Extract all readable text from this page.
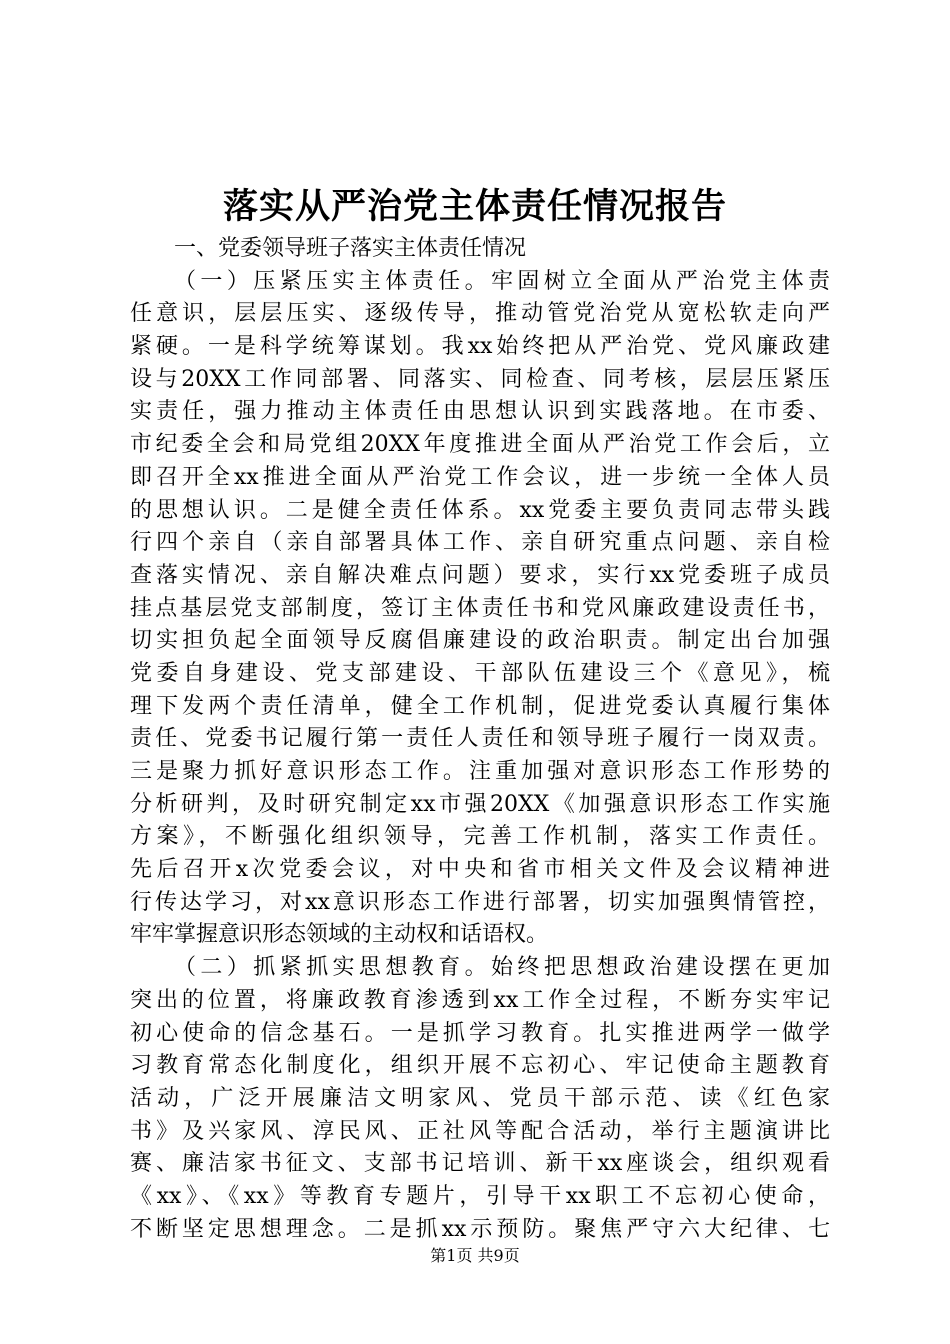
落实从严治党主体责任情况报告
一、党委领导班子落实主体责任情况
（一）压紧压实主体责任。牢固树立全面从严治党主体责
任意识，层层压实、逐级传导，推动管党治党从宽松软走向严
紧硬。一是科学统筹谋划。我xx始终把从严治党、党风廉政建
设与20XX工作同部署、同落实、同检查、同考核，层层压紧压
实责任，强力推动主体责任由思想认识到实践落地。在市委、
市纪委全会和局党组20XX年度推进全面从严治党工作会后，立
即召开全xx推进全面从严治党工作会议，进一步统一全体人员
的思想认识。二是健全责任体系。xx党委主要负责同志带头践
行四个亲自（亲自部署具体工作、亲自研究重点问题、亲自检
查落实情况、亲自解决难点问题）要求，实行xx党委班子成员
挂点基层党支部制度，签订主体责任书和党风廉政建设责任书，
切实担负起全面领导反腐倡廉建设的政治职责。制定出台加强
党委自身建设、党支部建设、干部队伍建设三个《意见》，梳
理下发两个责任清单，健全工作机制，促进党委认真履行集体
责任、党委书记履行第一责任人责任和领导班子履行一岗双责。
三是聚力抓好意识形态工作。注重加强对意识形态工作形势的
分析研判，及时研究制定xx市强20XX《加强意识形态工作实施
方案》，不断强化组织领导，完善工作机制，落实工作责任。
先后召开x次党委会议，对中央和省市相关文件及会议精神进
行传达学习，对xx意识形态工作进行部署，切实加强舆情管控，
牢牢掌握意识形态领域的主动权和话语权。
（二）抓紧抓实思想教育。始终把思想政治建设摆在更加
突出的位置，将廉政教育渗透到xx工作全过程，不断夯实牢记
初心使命的信念基石。一是抓学习教育。扎实推进两学一做学
习教育常态化制度化，组织开展不忘初心、牢记使命主题教育
活动，广泛开展廉洁文明家风、党员干部示范、读《红色家
书》及兴家风、淳民风、正社风等配合活动，举行主题演讲比
赛、廉洁家书征文、支部书记培训、新干xx座谈会，组织观看
《xx》、《xx》等教育专题片，引导干xx职工不忘初心使命，
不断坚定思想理念。二是抓xx示预防。聚焦严守六大纪律、七
第1页 共9页
